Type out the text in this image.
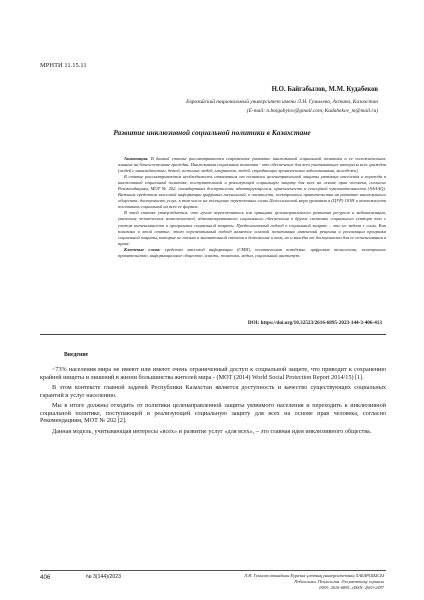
МРНТИ 11.15.11
Н.О. Байгабылов, М.М. Кудабеков
Евразийский национальный университет имени Л.Н. Гумилева, Астана, Казахстан
(E-mail: n.baigabylov@gmail.com, Kudabekov_m@mail.ru)
Развитие инклюзивной социальной политики в Казахстане

Аннотация. В данной статье рассматривается современное развитие инклюзивной социальной политики и ее положительное влияние на благосостояние граждан. Инклюзивная социальная политика - это обеспечение для всех учитывающее интересы всех граждан (людей с инвалидностью, детей, пожилых людей, мигрантов, людей, страдающих хроническими заболеваниями, молодежи).

В статье рассматриваются необходимость отказаться от политики целенаправленной защиты уязвимых населения и перехода к инклюзивной социальной политике, поступательной и реализующей социальную защиту для всех на основе прав человека, согласно Рекомендациям, МОТ № 202, стандартных доступности, адаптирующегося, приемлемости и сенсорной чувствительности (AAAAQ). Важным средством массовой информации цифровых технологий, в частности, электронного правительства на развитие инклюзивного общества, доступность услуг, в том числе на посещение перевозочных силах Целесогласной мера уровнями в (ЦУР) ООН и возможности поставить социальной на всех ее формах.

В этой статье утверждается, что лучше переключиться или принципа целенаправленного развития ресурсов и медикализации, уважение человеческих возможностей, административного социального обеспечения в других системах социального сектора что с учетом интенсивности в программах социальной защиты. Предполагаемый подход к социальной защите – это не задача с силы. Как показано в этой статье, этот перспективный подход является основой позитивных изменений решения и реализации программ социальной защиты, которые не только в значительной степени в дополнение к тем, но и выгоды от доступности для ее использовании в праве.

Ключевые слова: средства массовой информации (СМИ), политическая поведение, цифровые технологии, электронное правительство, информационное общество, власть, политика, медиа, социальный институт.

DOI: https://doi.org/10.32523/2616-6895-2023-144-3-406-413
Введение

~73% населения мира не имеют или имеют очень ограниченный доступ к социальной защите, что приводит к сохранению крайней нищеты и лишений в жизни большинства жителей мира - (МОТ (2014) World Social Protection Report 2014/15) [1].

В этом контексте главной задачей Республики Казахстан является доступность и качество существующих социальных гарантий и услуг населению.

Мы в итоге должны отходить от политики целенаправленной защиты уязвимого населения и переходить к инклюзивной социальной политике, поступающей и реализующей социальную защиту для всех на основе прав человека, согласно Рекомендациям, МОТ № 202 [2].

Данная модель, учитывающая интересы «всех» и развитие услуг «для всех», – это главная идея инклюзивного общества.

406	№ 3(144)/2023	Л.Н. Гумилев атындағы Еуразия ұлттық университетінің ХАБАРШЫСЫ
Педагогика. Психология. Әлеуметтану сериясы
ISSN: 2616-6895, eISSN: 2663-2497
